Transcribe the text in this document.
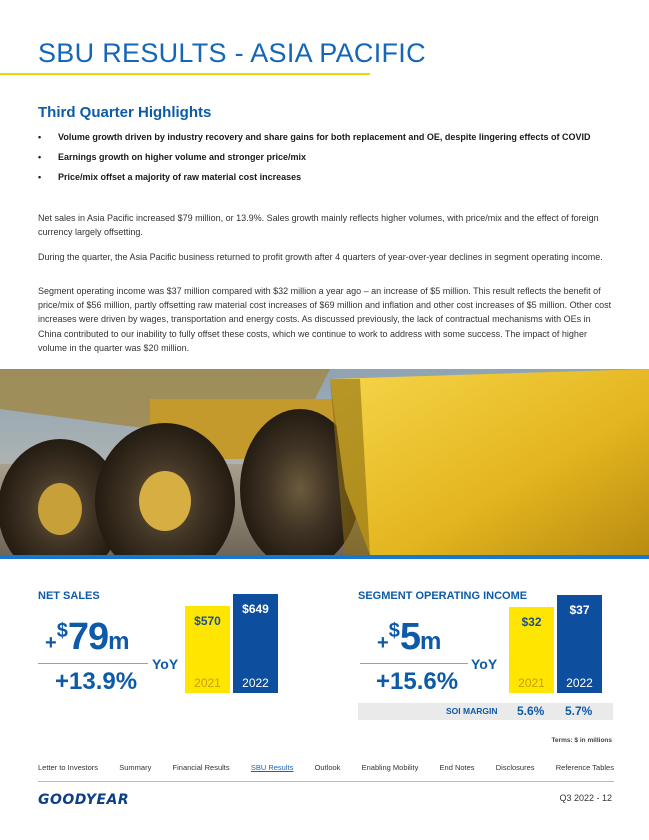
SBU RESULTS - ASIA PACIFIC
Third Quarter Highlights
•	Volume growth driven by industry recovery and share gains for both replacement and OE, despite lingering effects of COVID
•	Earnings growth on higher volume and stronger price/mix
•	Price/mix offset a majority of raw material cost increases

Net sales in Asia Pacific increased $79 million, or 13.9%. Sales growth mainly reflects higher volumes, with price/mix and the effect of foreign currency largely offsetting.

During the quarter, the Asia Pacific business returned to profit growth after 4 quarters of year-over-year declines in segment operating income.

Segment operating income was $37 million compared with $32 million a year ago – an increase of $5 million. This result reflects the benefit of price/mix of $56 million, partly offsetting raw material cost increases of $69 million and inflation and other cost increases of $5 million. Other cost increases were driven by wages, transportation and energy costs. As discussed previously, the lack of contractual mechanisms with OEs in China contributed to our inability to fully offset these costs, which we continue to work to address with some success. The impact of higher volume in the quarter was $20 million.

NET SALES
+
$ 79 m
YoY
+13.9%
$570
2021
$649
2022
SEGMENT OPERATING INCOME
+
$ 5 m
YoY
+15.6%
$32
2021
$37
2022
SOI MARGIN 5.6% 5.7%
Terms: $ in millions
Letter to Investors	Summary	Financial Results	SBU Results	Outlook	Enabling Mobility	End Notes	Disclosures	Reference Tables
GOODYEAR	Q3 2022 - 12
